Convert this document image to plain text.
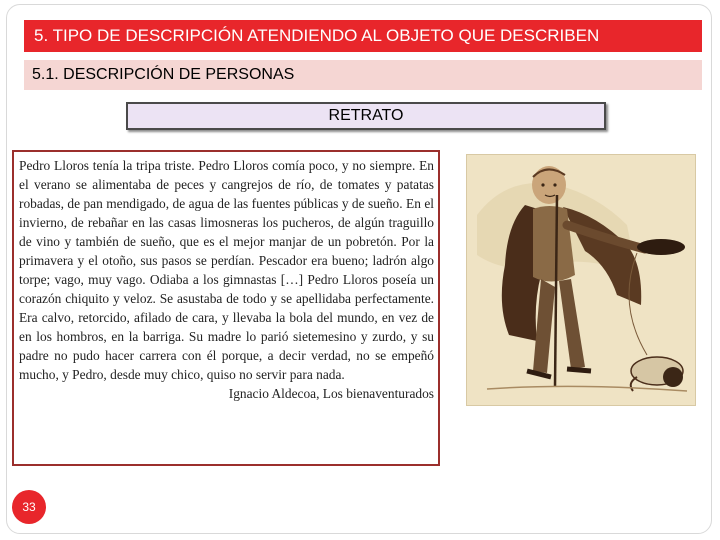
5. TIPO DE DESCRIPCIÓN ATENDIENDO AL OBJETO QUE DESCRIBEN
5.1. DESCRIPCIÓN DE PERSONAS
RETRATO

Pedro Lloros tenía la tripa triste. Pedro Lloros comía poco, y no siempre. En el verano se alimentaba de peces y cangrejos de río, de tomates y patatas robadas, de pan mendigado, de agua de las fuentes públicas y de sueño. En el invierno, de rebañar en las casas limosneras los pucheros, de algún traguillo de vino y también de sueño, que es el mejor manjar de un pobretón. Por la primavera y el otoño, sus pasos se perdían. Pescador era bueno; ladrón algo torpe; vago, muy vago. Odiaba a los gimnastas […] Pedro Lloros poseía un corazón chiquito y veloz. Se asustaba de todo y se apellidaba perfectamente. Era calvo, retorcido, afilado de cara, y llevaba la bola del mundo, en vez de en los hombros, en la barriga. Su madre lo parió sietemesino y zurdo, y su padre no pudo hacer carrera con él porque, a decir verdad, no se empeñó mucho, y Pedro, desde muy chico, quiso no servir para nada.

Ignacio Aldecoa, Los bienaventurados

33
